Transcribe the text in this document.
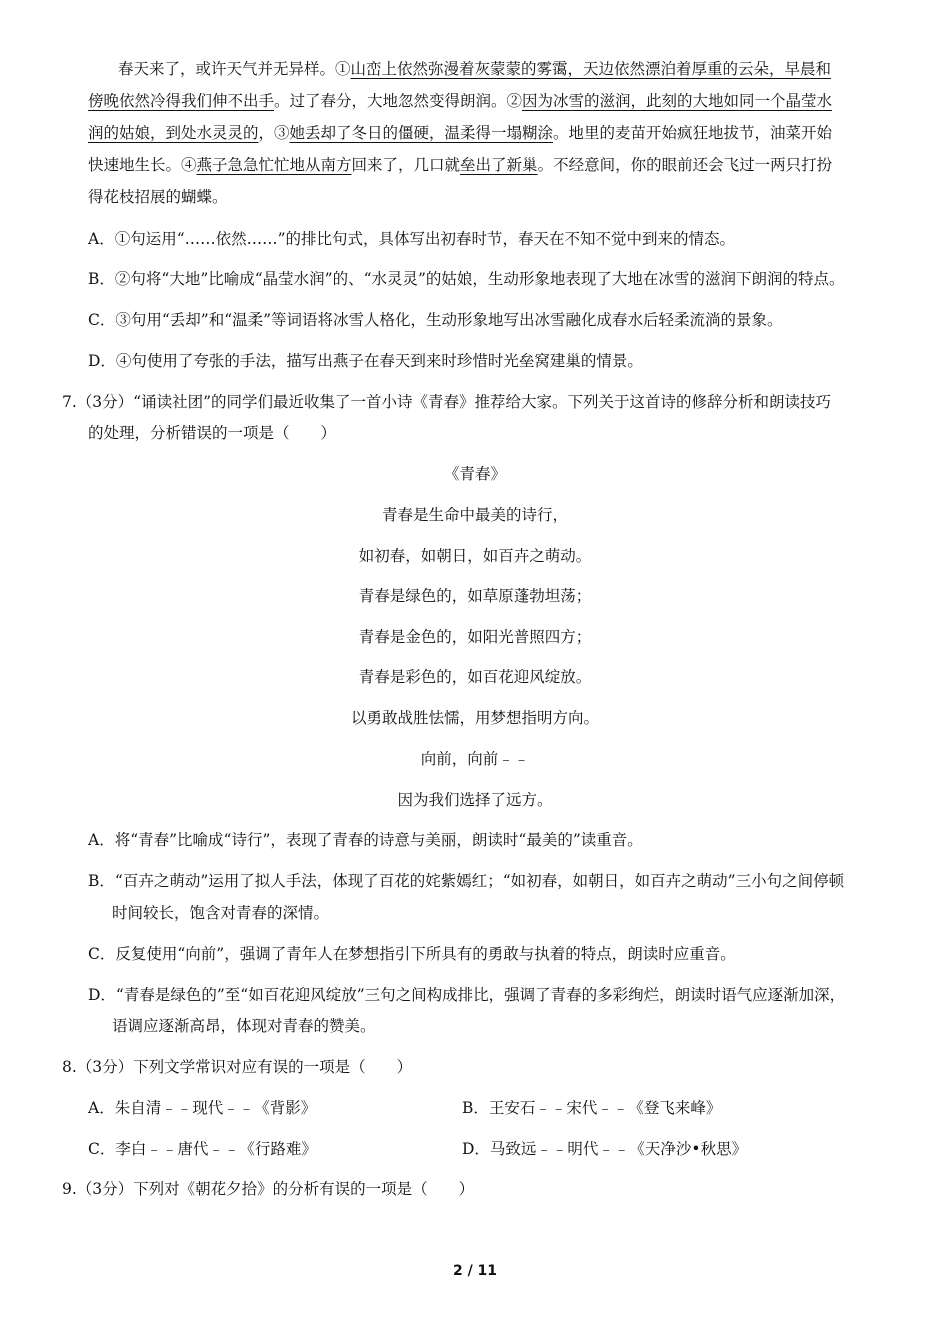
春天来了，或许天气并无异样。①山峦上依然弥漫着灰蒙蒙的雾霭，天边依然漂泊着厚重的云朵，早晨和
傍晚依然冷得我们伸不出手。过了春分，大地忽然变得朗润。②因为冰雪的滋润，此刻的大地如同一个晶莹水
润的姑娘，到处水灵灵的，③她丢却了冬日的僵硬，温柔得一塌糊涂。地里的麦苗开始疯狂地拔节，油菜开始
快速地生长。④燕子急急忙忙地从南方回来了，几口就垒出了新巢。不经意间，你的眼前还会飞过一两只打扮
得花枝招展的蝴蝶。
A．①句运用“……依然……”的排比句式，具体写出初春时节，春天在不知不觉中到来的情态。
B．②句将“大地”比喻成“晶莹水润”的、“水灵灵”的姑娘，生动形象地表现了大地在冰雪的滋润下朗润的特点。
C．③句用“丢却”和“温柔”等词语将冰雪人格化，生动形象地写出冰雪融化成春水后轻柔流淌的景象。
D．④句使用了夸张的手法，描写出燕子在春天到来时珍惜时光垒窝建巢的情景。
7.（3分）“诵读社团”的同学们最近收集了一首小诗《青春》推荐给大家。下列关于这首诗的修辞分析和朗读技巧
的处理，分析错误的一项是（　　）
《青春》
青春是生命中最美的诗行，
如初春，如朝日，如百卉之萌动。
青春是绿色的，如草原蓬勃坦荡；
青春是金色的，如阳光普照四方；
青春是彩色的，如百花迎风绽放。
以勇敢战胜怯懦，用梦想指明方向。
向前，向前﹣﹣
因为我们选择了远方。
A．将“青春”比喻成“诗行”，表现了青春的诗意与美丽，朗读时“最美的”读重音。
B．“百卉之萌动”运用了拟人手法，体现了百花的姹紫嫣红；“如初春，如朝日，如百卉之萌动”三小句之间停顿
时间较长，饱含对青春的深情。
C．反复使用“向前”，强调了青年人在梦想指引下所具有的勇敢与执着的特点，朗读时应重音。
D．“青春是绿色的”至“如百花迎风绽放”三句之间构成排比，强调了青春的多彩绚烂，朗读时语气应逐渐加深，
语调应逐渐高昂，体现对青春的赞美。
8.（3分）下列文学常识对应有误的一项是（　　）
A．朱自清﹣﹣现代﹣﹣《背影》	B．王安石﹣﹣宋代﹣﹣《登飞来峰》
C．李白﹣﹣唐代﹣﹣《行路难》	D．马致远﹣﹣明代﹣﹣《天净沙•秋思》
9.（3分）下列对《朝花夕拾》的分析有误的一项是（　　）
2 / 11
